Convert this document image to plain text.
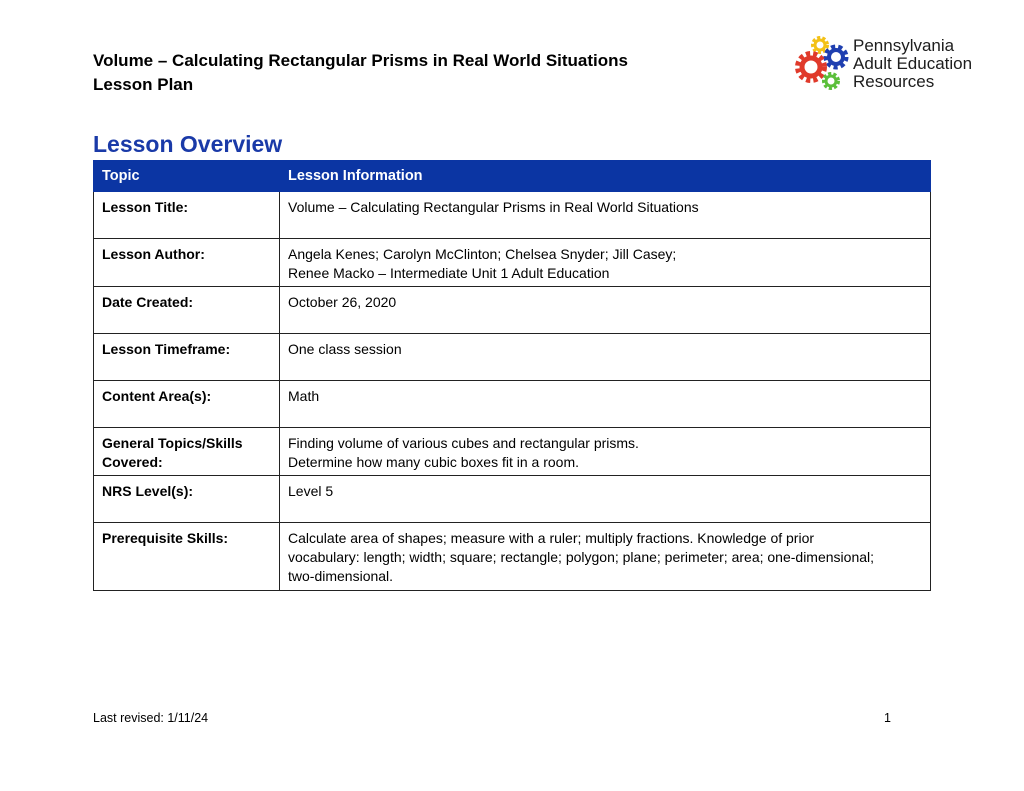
Volume – Calculating Rectangular Prisms in Real World Situations
Lesson Plan
Pennsylvania
Adult Education
Resources
Lesson Overview
Topic	Lesson Information
Lesson Title:	Volume – Calculating Rectangular Prisms in Real World Situations

Lesson Author:	Angela Kenes; Carolyn McClinton; Chelsea Snyder; Jill Casey;
Renee Macko – Intermediate Unit 1 Adult Education

Date Created:	October 26, 2020

Lesson Timeframe:	One class session

Content Area(s):	Math

General Topics/Skills
Covered:	Finding volume of various cubes and rectangular prisms.
Determine how many cubic boxes fit in a room.

NRS Level(s):	Level 5

Prerequisite Skills:	Calculate area of shapes; measure with a ruler; multiply fractions. Knowledge of prior
vocabulary: length; width; square; rectangle; polygon; plane; perimeter; area; one-dimensional;
two-dimensional.
Last revised: 1/11/24	1
